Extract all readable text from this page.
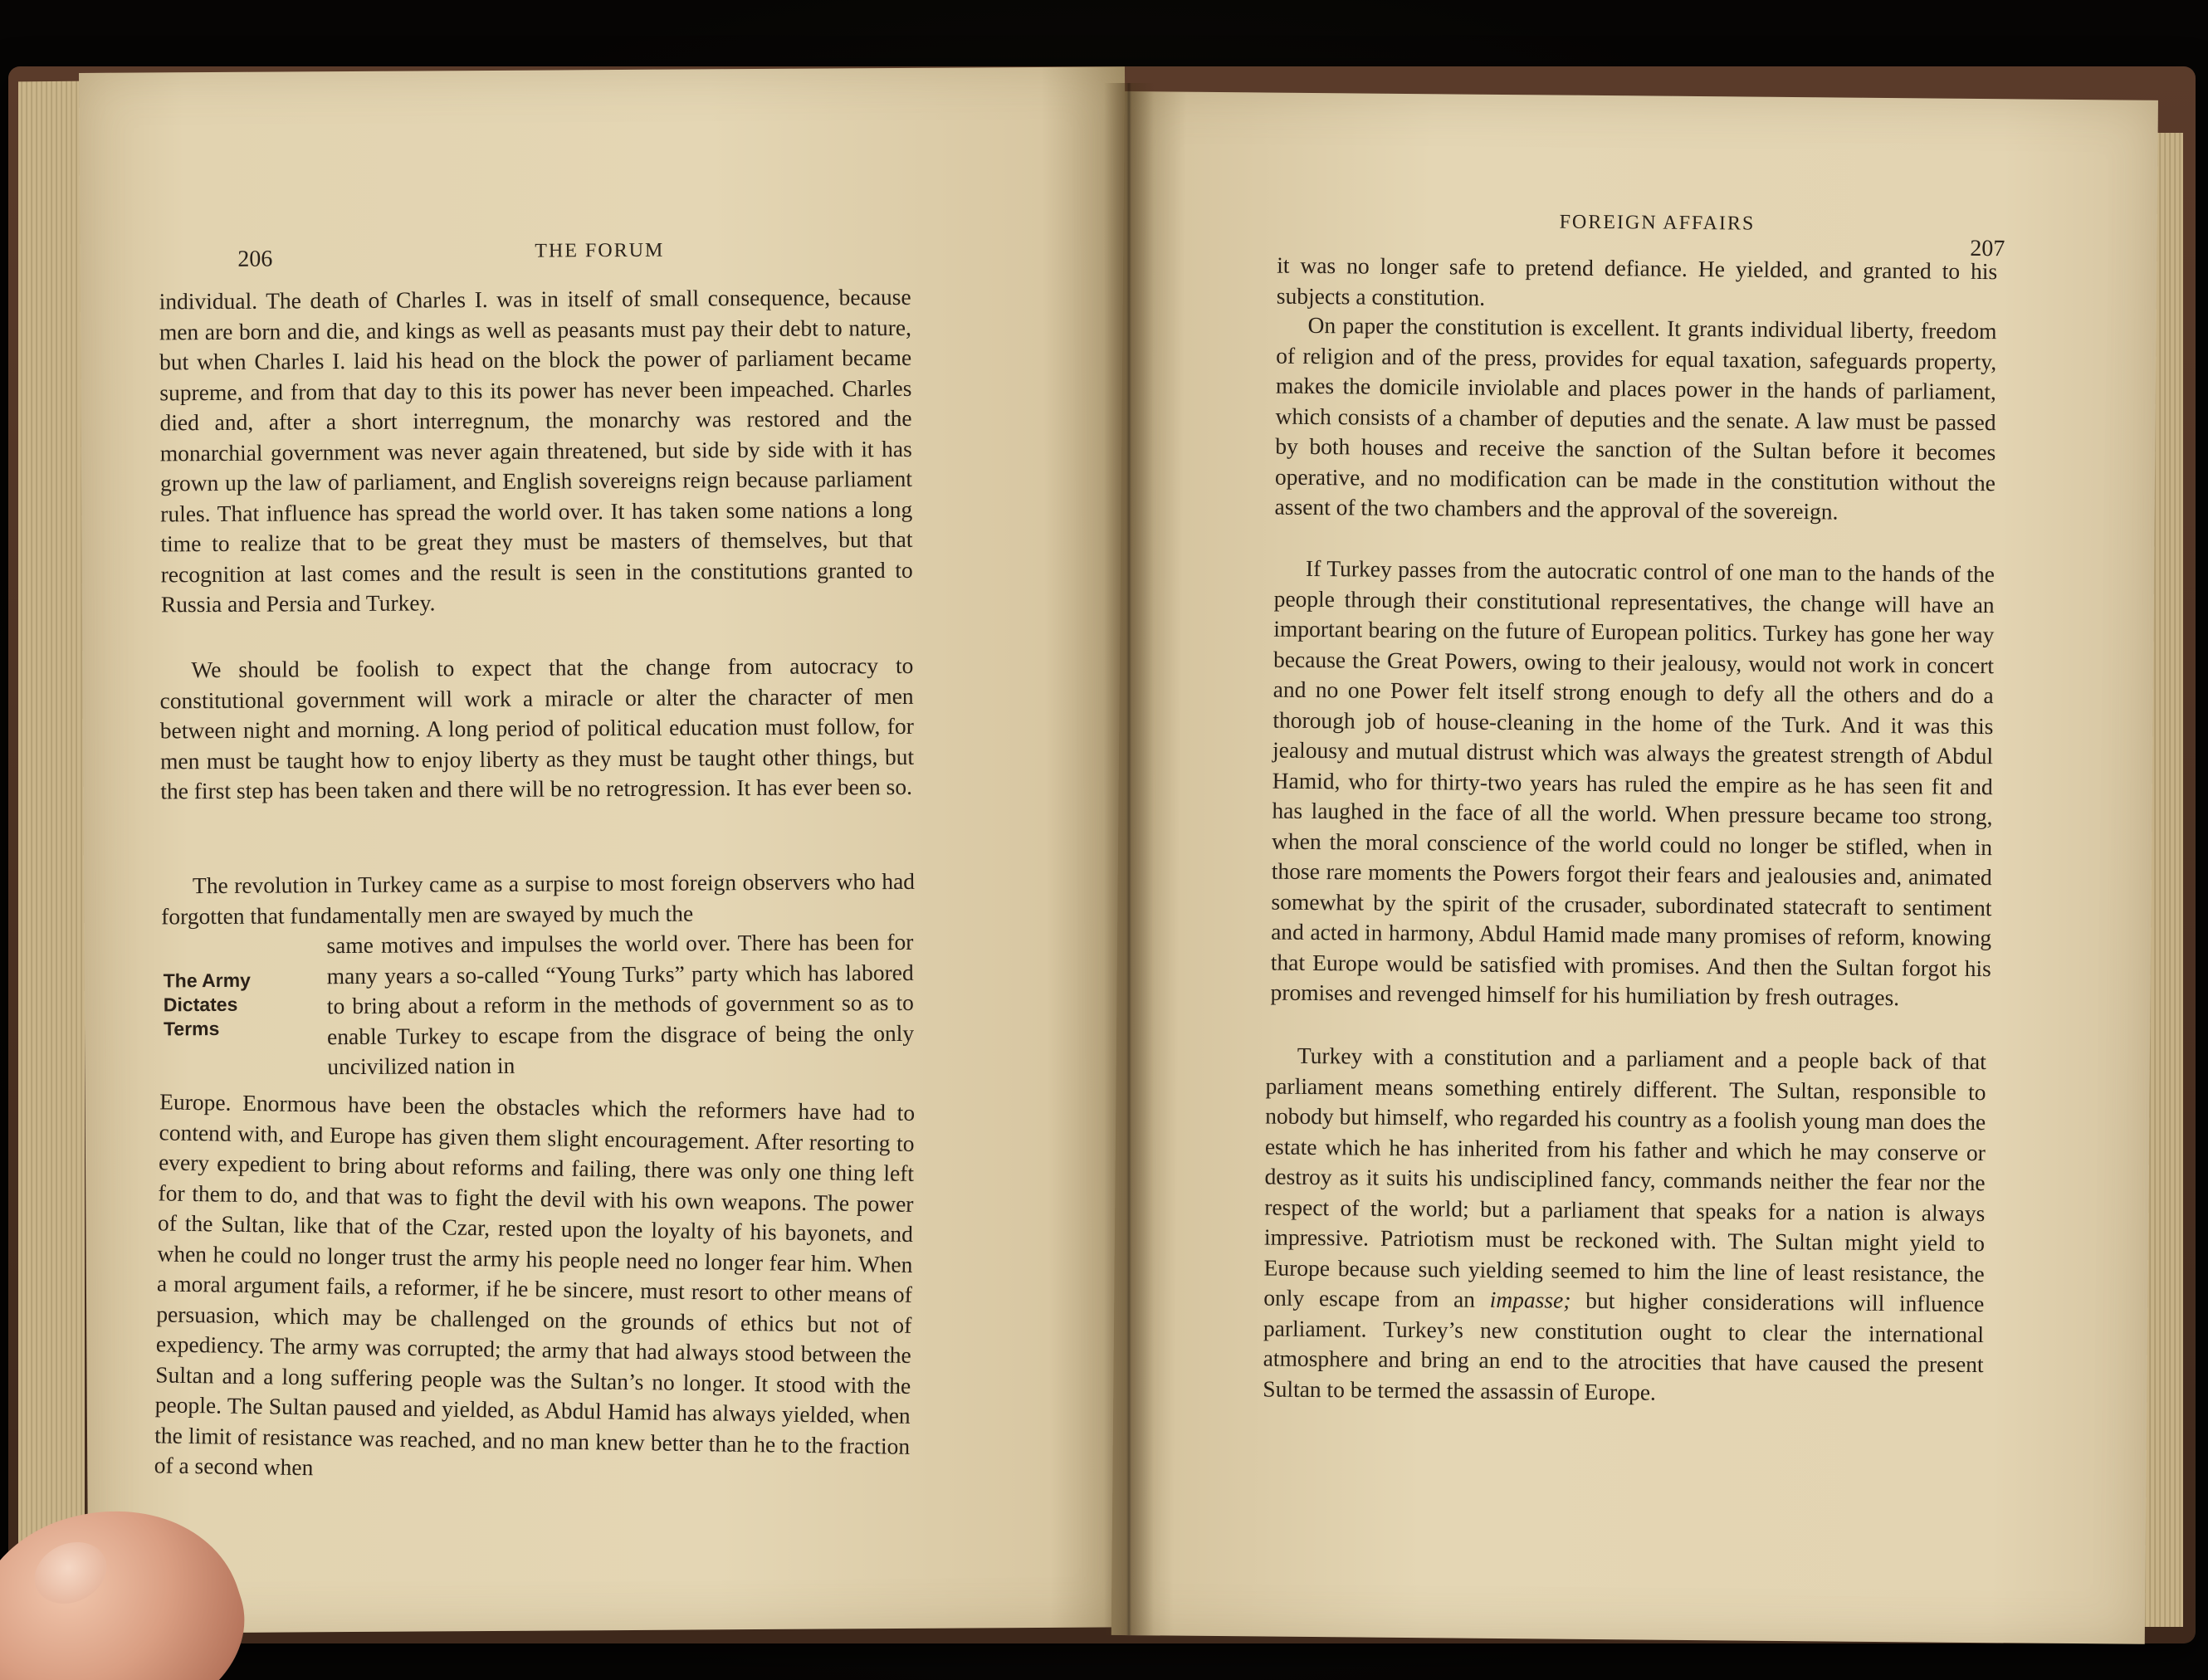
206	THE FORUM

individual. The death of Charles I. was in itself of small consequence, because men are born and die, and kings as well as peasants must pay their debt to nature, but when Charles I. laid his head on the block the power of parliament became supreme, and from that day to this its power has never been impeached. Charles died and, after a short interregnum, the monarchy was restored and the monarchial government was never again threatened, but side by side with it has grown up the law of parliament, and English sovereigns reign because parliament rules. That influence has spread the world over. It has taken some nations a long time to realize that to be great they must be masters of themselves, but that recognition at last comes and the result is seen in the constitutions granted to Russia and Persia and Turkey.

We should be foolish to expect that the change from autocracy to constitutional government will work a miracle or alter the character of men between night and morning. A long period of political education must follow, for men must be taught how to enjoy liberty as they must be taught other things, but the first step has been taken and there will be no retrogression. It has ever been so.

The revolution in Turkey came as a surpise to most foreign observers who had forgotten that fundamentally men are swayed by much the

The Army Dictates Terms

same motives and impulses the world over. There has been for many years a so-called “Young Turks” party which has labored to bring about a reform in the methods of government so as to enable Turkey to escape from the disgrace of being the only uncivilized nation in

Europe. Enormous have been the obstacles which the reformers have had to contend with, and Europe has given them slight encouragement. After resorting to every expedient to bring about reforms and failing, there was only one thing left for them to do, and that was to fight the devil with his own weapons. The power of the Sultan, like that of the Czar, rested upon the loyalty of his bayonets, and when he could no longer trust the army his people need no longer fear him. When a moral argument fails, a reformer, if he be sincere, must resort to other means of persuasion, which may be challenged on the grounds of ethics but not of expediency. The army was corrupted; the army that had always stood between the Sultan and a long suffering people was the Sultan’s no longer. It stood with the people. The Sultan paused and yielded, as Abdul Hamid has always yielded, when the limit of resistance was reached, and no man knew better than he to the fraction of a second when

FOREIGN AFFAIRS
207

it was no longer safe to pretend defiance. He yielded, and granted to his subjects a constitution.

On paper the constitution is excellent. It grants individual liberty, freedom of religion and of the press, provides for equal taxation, safeguards property, makes the domicile inviolable and places power in the hands of parliament, which consists of a chamber of deputies and the senate. A law must be passed by both houses and receive the sanction of the Sultan before it becomes operative, and no modification can be made in the constitution without the assent of the two chambers and the approval of the sovereign.

If Turkey passes from the autocratic control of one man to the hands of the people through their constitutional representatives, the change will have an important bearing on the future of European politics. Turkey has gone her way because the Great Powers, owing to their jealousy, would not work in concert and no one Power felt itself strong enough to defy all the others and do a thorough job of house-cleaning in the home of the Turk. And it was this jealousy and mutual distrust which was always the greatest strength of Abdul Hamid, who for thirty-two years has ruled the empire as he has seen fit and has laughed in the face of all the world. When pressure became too strong, when the moral conscience of the world could no longer be stifled, when in those rare moments the Powers forgot their fears and jealousies and, animated somewhat by the spirit of the crusader, subordinated statecraft to sentiment and acted in harmony, Abdul Hamid made many promises of reform, knowing that Europe would be satisfied with promises. And then the Sultan forgot his promises and revenged himself for his humiliation by fresh outrages.

Turkey with a constitution and a parliament and a people back of that parliament means something entirely different. The Sultan, responsible to nobody but himself, who regarded his country as a foolish young man does the estate which he has inherited from his father and which he may conserve or destroy as it suits his undisciplined fancy, commands neither the fear nor the respect of the world; but a parliament that speaks for a nation is always impressive. Patriotism must be reckoned with. The Sultan might yield to Europe because such yielding seemed to him the line of least resistance, the only escape from an impasse; but higher considerations will influence parliament. Turkey’s new constitution ought to clear the international atmosphere and bring an end to the atrocities that have caused the present Sultan to be termed the assassin of Europe.
